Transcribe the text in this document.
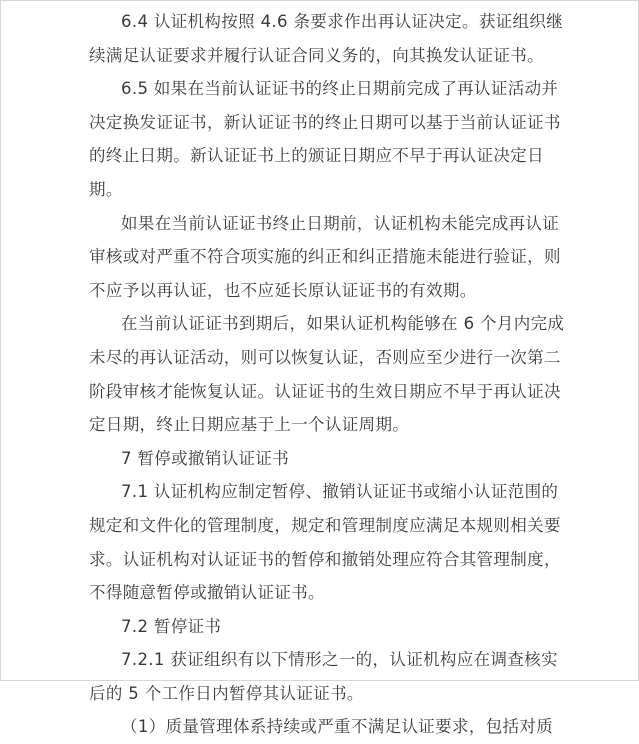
6.4 认证机构按照 4.6 条要求作出再认证决定。获证组织继
续满足认证要求并履行认证合同义务的，向其换发认证证书。
6.5 如果在当前认证证书的终止日期前完成了再认证活动并
决定换发证证书，新认证证书的终止日期可以基于当前认证证书
的终止日期。新认证证书上的颁证日期应不早于再认证决定日
期。
如果在当前认证证书终止日期前，认证机构未能完成再认证
审核或对严重不符合项实施的纠正和纠正措施未能进行验证，则
不应予以再认证，也不应延长原认证证书的有效期。
在当前认证证书到期后，如果认证机构能够在 6 个月内完成
未尽的再认证活动，则可以恢复认证，否则应至少进行一次第二
阶段审核才能恢复认证。认证证书的生效日期应不早于再认证决
定日期，终止日期应基于上一个认证周期。
7 暂停或撤销认证证书
7.1 认证机构应制定暂停、撤销认证证书或缩小认证范围的
规定和文件化的管理制度，规定和管理制度应满足本规则相关要
求。认证机构对认证证书的暂停和撤销处理应符合其管理制度，
不得随意暂停或撤销认证证书。
7.2 暂停证书
7.2.1 获证组织有以下情形之一的，认证机构应在调查核实
后的 5 个工作日内暂停其认证证书。
（1）质量管理体系持续或严重不满足认证要求，包括对质
